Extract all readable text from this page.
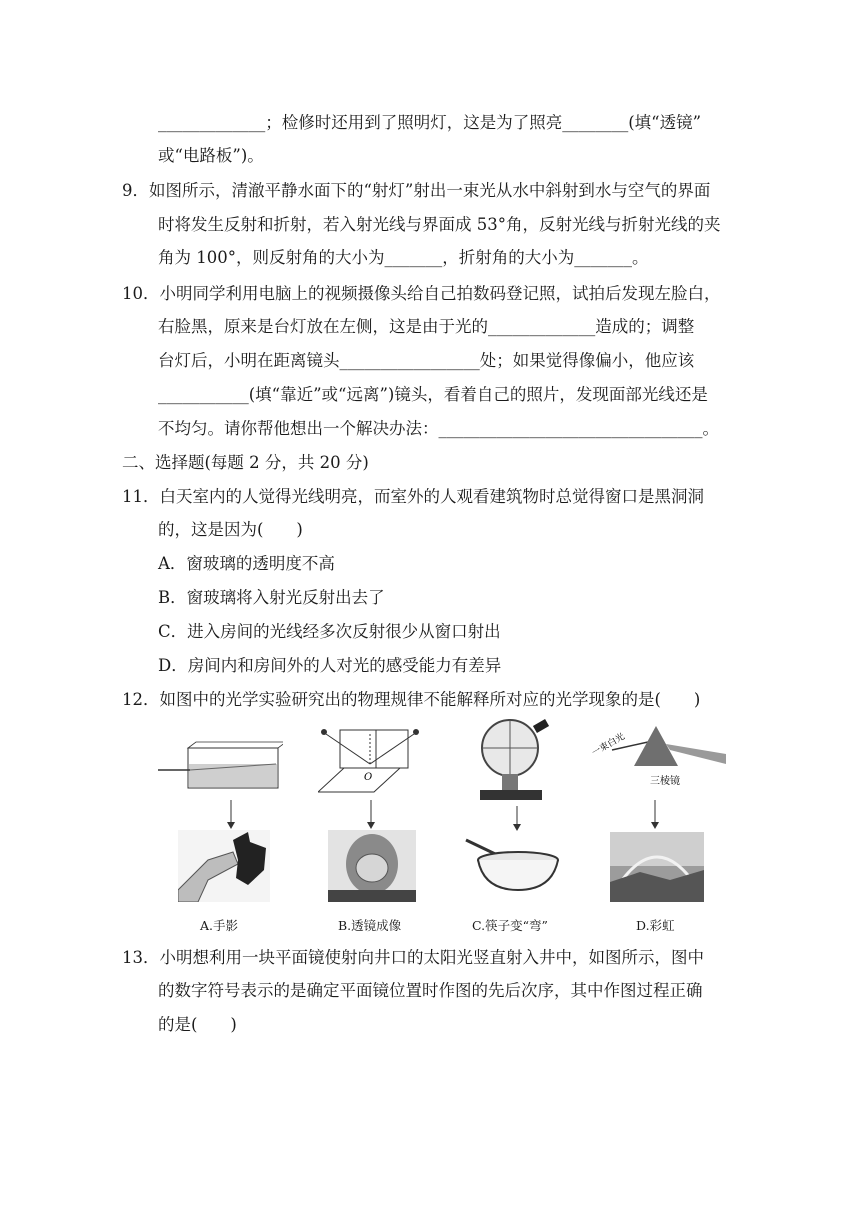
_____________；检修时还用到了照明灯，这是为了照亮________(填“透镜”
或“电路板”)。
9．如图所示，清澈平静水面下的“射灯”射出一束光从水中斜射到水与空气的界面
时将发生反射和折射，若入射光线与界面成 53°角，反射光线与折射光线的夹
角为 100°，则反射角的大小为_______，折射角的大小为_______。
10．小明同学利用电脑上的视频摄像头给自己拍数码登记照，试拍后发现左脸白，
右脸黑，原来是台灯放在左侧，这是由于光的_____________造成的；调整
台灯后，小明在距离镜头_________________处；如果觉得像偏小，他应该
___________(填“靠近”或“远离”)镜头，看着自己的照片，发现面部光线还是
不均匀。请你帮他想出一个解决办法：________________________________。
二、选择题(每题 2 分，共 20 分)
11．白天室内的人觉得光线明亮，而室外的人观看建筑物时总觉得窗口是黑洞洞
的，这是因为(　　)
A．窗玻璃的透明度不高
B．窗玻璃将入射光反射出去了
C．进入房间的光线经多次反射很少从窗口射出
D．房间内和房间外的人对光的感受能力有差异
12．如图中的光学实验研究出的物理规律不能解释所对应的光学现象的是(　　)
A.手影
O
B.透镜成像	C.筷子变“弯”
一束白光
三棱镜
D.彩虹
13．小明想利用一块平面镜使射向井口的太阳光竖直射入井中，如图所示，图中
的数字符号表示的是确定平面镜位置时作图的先后次序，其中作图过程正确
的是(　　)
